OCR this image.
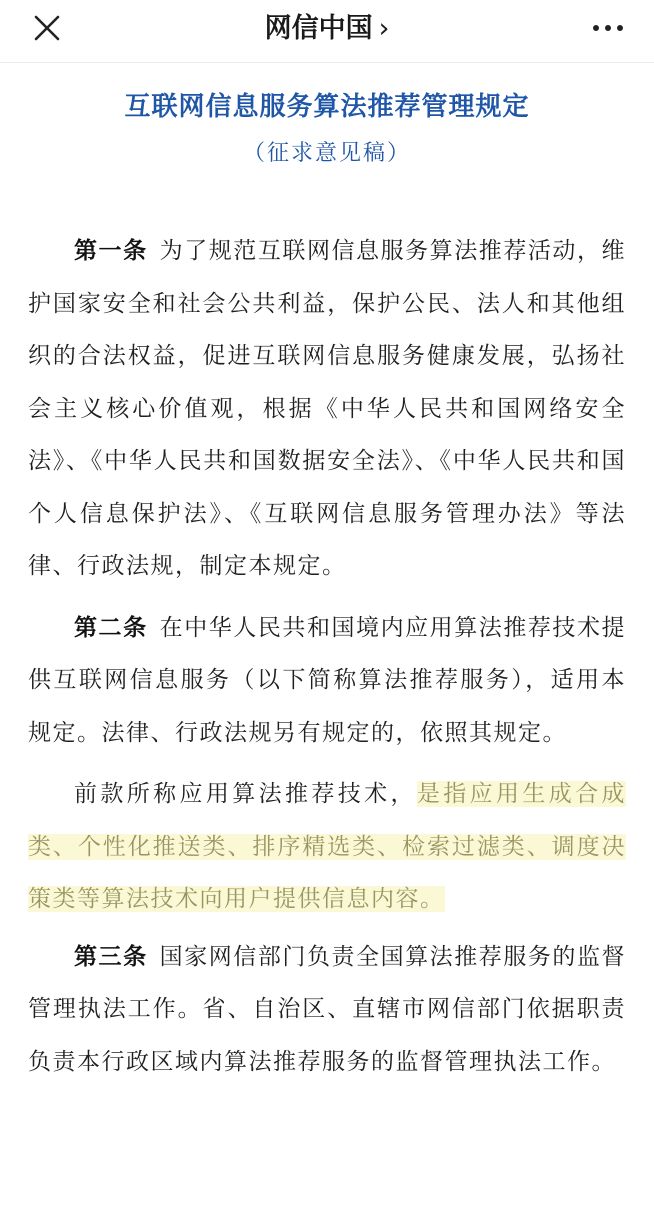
网信中国 ›
互联网信息服务算法推荐管理规定
（征求意见稿）

第一条 为了规范互联网信息服务算法推荐活动，维护国家安全和社会公共利益，保护公民、法人和其他组织的合法权益，促进互联网信息服务健康发展，弘扬社会主义核心价值观，根据《中华人民共和国网络安全法》、《中华人民共和国数据安全法》、《中华人民共和国个人信息保护法》、《互联网信息服务管理办法》等法律、行政法规，制定本规定。

第二条 在中华人民共和国境内应用算法推荐技术提供互联网信息服务（以下简称算法推荐服务），适用本规定。法律、行政法规另有规定的，依照其规定。

前款所称应用算法推荐技术，是指应用生成合成类、个性化推送类、排序精选类、检索过滤类、调度决策类等算法技术向用户提供信息内容。

第三条 国家网信部门负责全国算法推荐服务的监督管理执法工作。省、自治区、直辖市网信部门依据职责负责本行政区域内算法推荐服务的监督管理执法工作。
